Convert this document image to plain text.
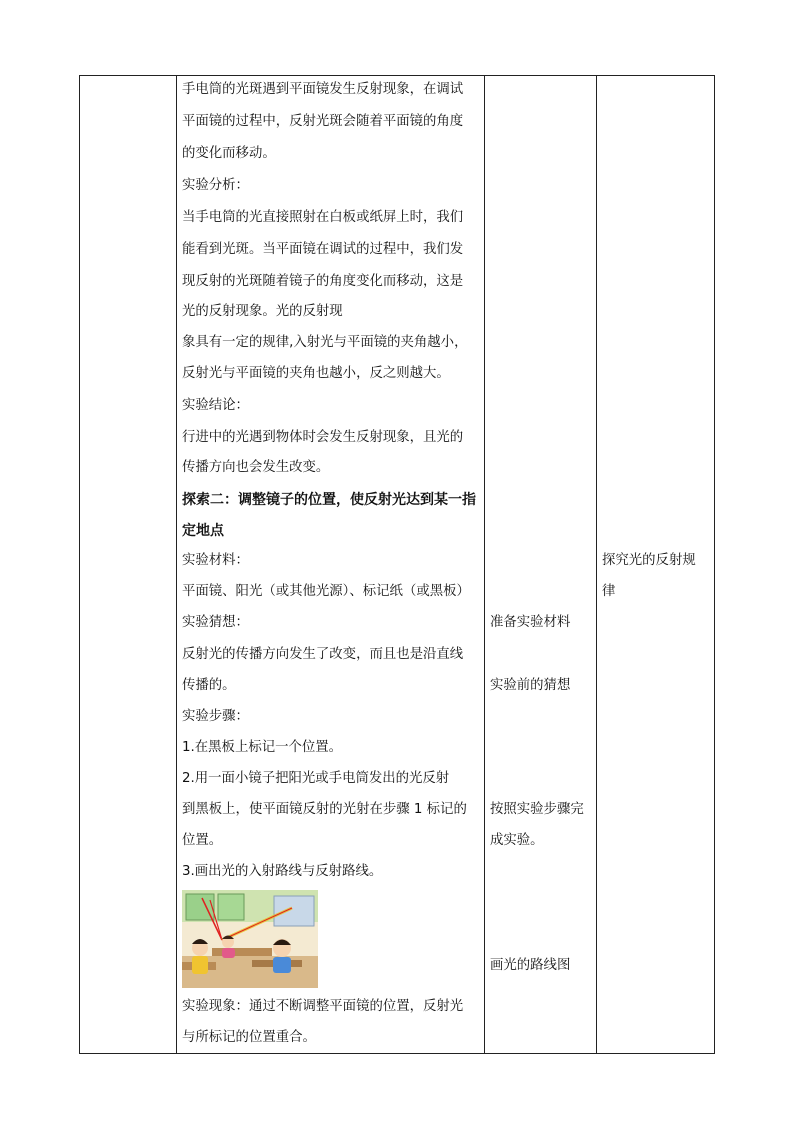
手电筒的光斑遇到平面镜发生反射现象，在调试
平面镜的过程中，反射光斑会随着平面镜的角度
的变化而移动。
实验分析：
当手电筒的光直接照射在白板或纸屏上时，我们
能看到光斑。当平面镜在调试的过程中，我们发
现反射的光斑随着镜子的角度变化而移动，这是
光的反射现象。光的反射现
象具有一定的规律,入射光与平面镜的夹角越小，
反射光与平面镜的夹角也越小，反之则越大。
实验结论：
行进中的光遇到物体时会发生反射现象，且光的
传播方向也会发生改变。
探索二：调整镜子的位置，使反射光达到某一指
定地点
实验材料：
平面镜、阳光（或其他光源）、标记纸（或黑板）
实验猜想：
反射光的传播方向发生了改变，而且也是沿直线
传播的。
实验步骤：
1.在黑板上标记一个位置。
2.用一面小镜子把阳光或手电筒发出的光反射
到黑板上，使平面镜反射的光射在步骤 1 标记的
位置。
3.画出光的入射路线与反射路线。
实验现象：通过不断调整平面镜的位置，反射光
与所标记的位置重合。
准备实验材料
实验前的猜想
按照实验步骤完
成实验。
画光的路线图
探究光的反射规
律
